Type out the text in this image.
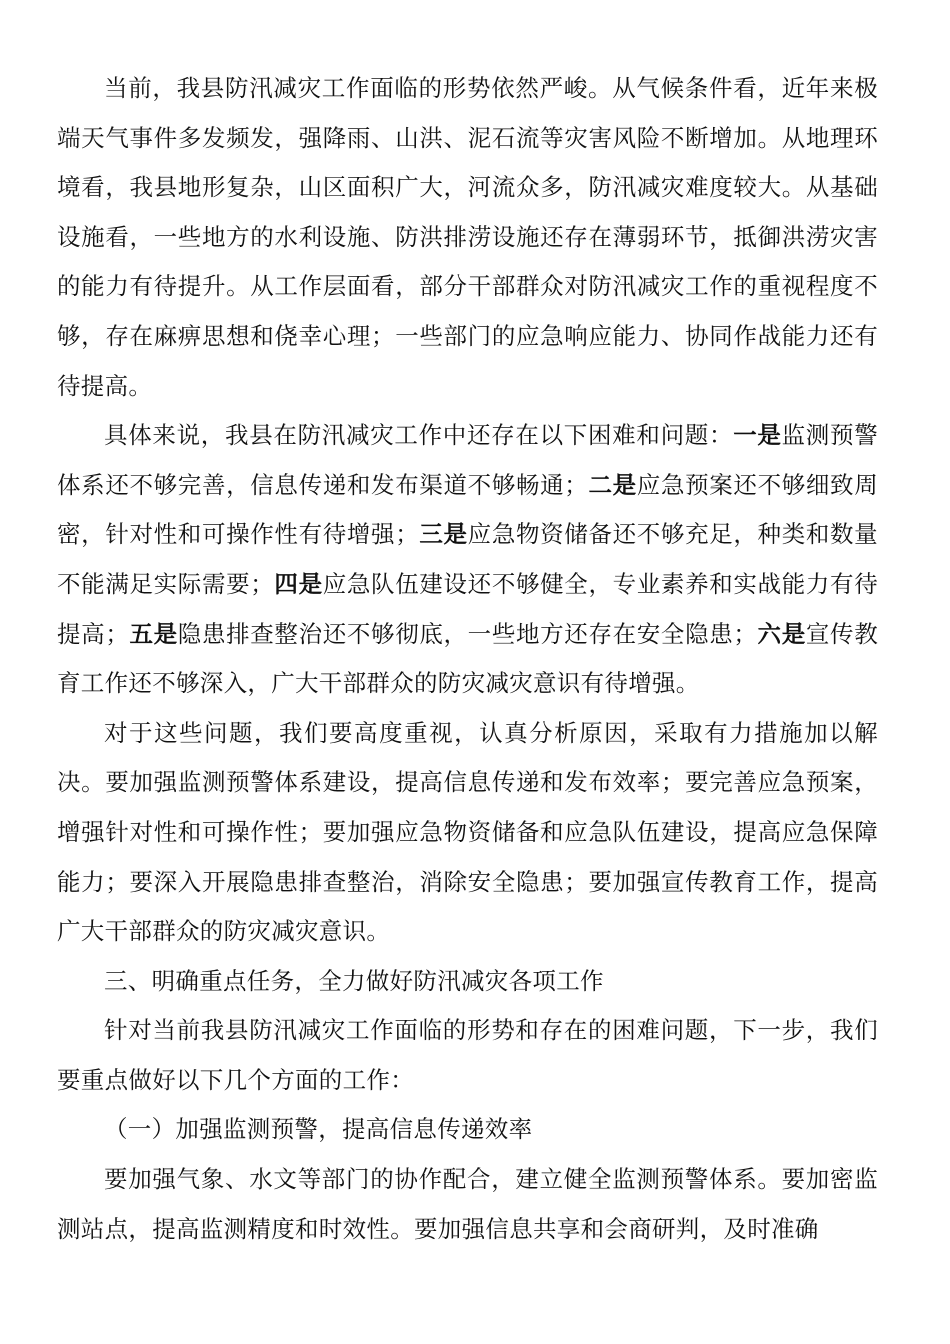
当前，我县防汛减灾工作面临的形势依然严峻。从气候条件看，近年来极端天气事件多发频发，强降雨、山洪、泥石流等灾害风险不断增加。从地理环境看，我县地形复杂，山区面积广大，河流众多，防汛减灾难度较大。从基础设施看，一些地方的水利设施、防洪排涝设施还存在薄弱环节，抵御洪涝灾害的能力有待提升。从工作层面看，部分干部群众对防汛减灾工作的重视程度不够，存在麻痹思想和侥幸心理；一些部门的应急响应能力、协同作战能力还有待提高。

具体来说，我县在防汛减灾工作中还存在以下困难和问题：一是监测预警体系还不够完善，信息传递和发布渠道不够畅通；二是应急预案还不够细致周密，针对性和可操作性有待增强；三是应急物资储备还不够充足，种类和数量不能满足实际需要；四是应急队伍建设还不够健全，专业素养和实战能力有待提高；五是隐患排查整治还不够彻底，一些地方还存在安全隐患；六是宣传教育工作还不够深入，广大干部群众的防灾减灾意识有待增强。

对于这些问题，我们要高度重视，认真分析原因，采取有力措施加以解决。要加强监测预警体系建设，提高信息传递和发布效率；要完善应急预案，增强针对性和可操作性；要加强应急物资储备和应急队伍建设，提高应急保障能力；要深入开展隐患排查整治，消除安全隐患；要加强宣传教育工作，提高广大干部群众的防灾减灾意识。

三、明确重点任务，全力做好防汛减灾各项工作

针对当前我县防汛减灾工作面临的形势和存在的困难问题，下一步，我们要重点做好以下几个方面的工作：

（一）加强监测预警，提高信息传递效率

要加强气象、水文等部门的协作配合，建立健全监测预警体系。要加密监测站点，提高监测精度和时效性。要加强信息共享和会商研判，及时准确
